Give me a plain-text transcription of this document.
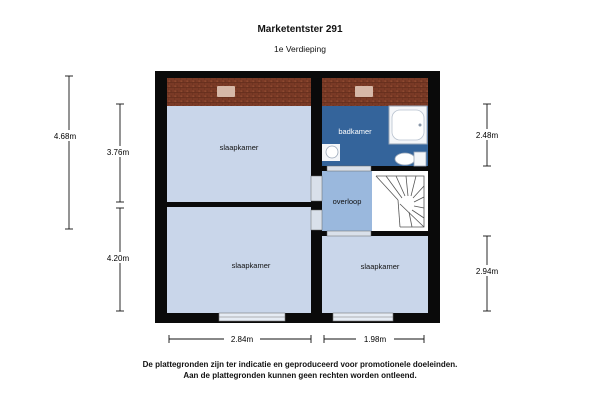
Marketentster 291
1e Verdieping
slaapkamer
badkamer
overloop
slaapkamer	slaapkamer
4.68m
3.76m
4.20m
2.48m
2.94m
2.84m	1.98m
De plattegronden zijn ter indicatie en geproduceerd voor promotionele doeleinden.
Aan de plattegronden kunnen geen rechten worden ontleend.
